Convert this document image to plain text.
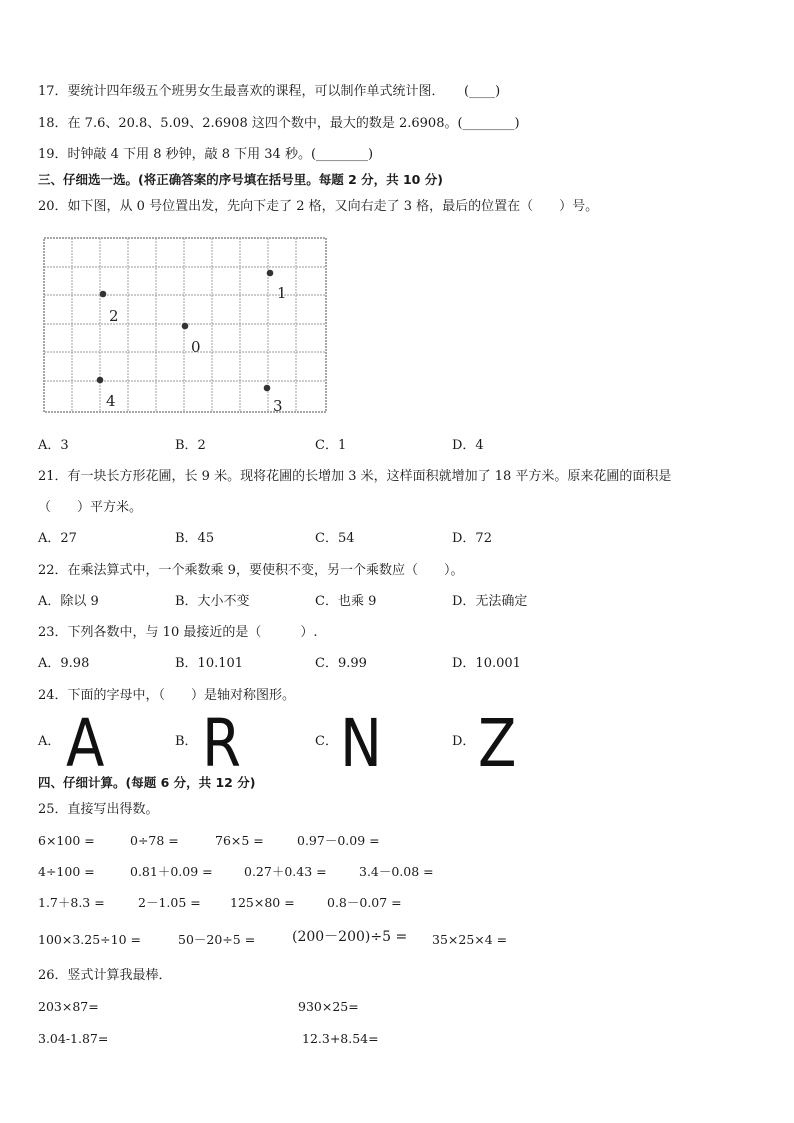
17．要统计四年级五个班男女生最喜欢的课程，可以制作单式统计图．　　(____)
18．在 7.6、20.8、5.09、2.6908 这四个数中，最大的数是 2.6908。(________)
19．时钟敲 4 下用 8 秒钟，敲 8 下用 34 秒。(________)
三、仔细选一选。(将正确答案的序号填在括号里。每题 2 分，共 10 分)
20．如下图，从 0 号位置出发，先向下走了 2 格，又向右走了 3 格，最后的位置在（　　）号。
0
1
2
3
4
A．3	B．2	C．1	D．4
21．有一块长方形花圃，长 9 米。现将花圃的长增加 3 米，这样面积就增加了 18 平方米。原来花圃的面积是
（　　）平方米。
A．27	B．45	C．54	D．72
22．在乘法算式中，一个乘数乘 9，要使积不变，另一个乘数应（　　）。
A．除以 9	B．大小不变	C．也乘 9	D．无法确定
23．下列各数中，与 10 最接近的是（　　　）.
A．9.98	B．10.101	C．9.99	D．10.001
24．下面的字母中，（　　）是轴对称图形。
A． A	B． R	C． N	D． Z
四、仔细计算。(每题 6 分，共 12 分)
25．直接写出得数。
6×100 =	0÷78 =	76×5 =	0.97－0.09 =
4÷100 =	0.81＋0.09 =	0.27＋0.43 =	3.4－0.08 =
1.7＋8.3 =	2－1.05 = 125×80 =	0.8－0.07 =
100×3.25÷10 =	50－20÷5 =	(200－200)÷5 = 35×25×4 =
26．竖式计算我最棒．
203×87=	930×25=
3.04-1.87=	12.3+8.54=
